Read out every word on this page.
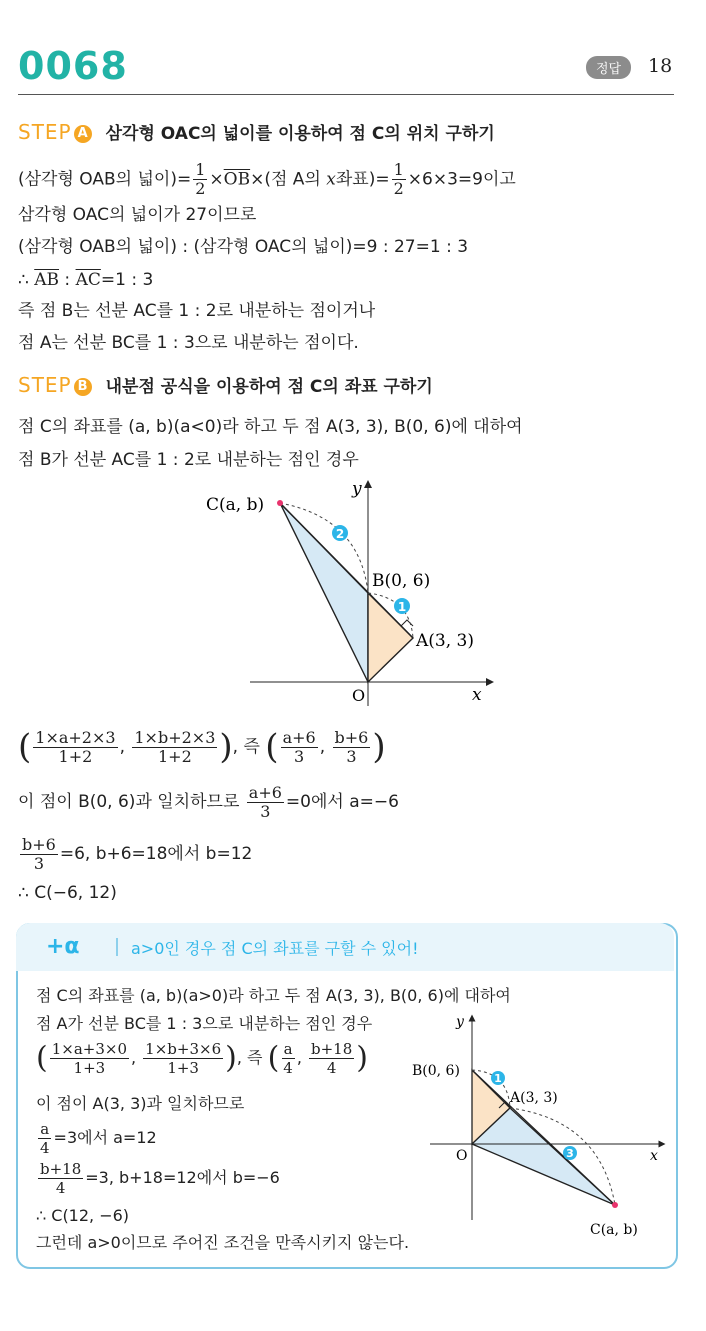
0068	정답	18
STEP A 삼각형 OAC의 넓이를 이용하여 점 C의 위치 구하기
(삼각형 OAB의 넓이)= $\frac{1}{2} \times\overline{OB}\times$(점 A의 x좌표)= $\frac{1}{2} \times 6\times 3=9$이고
삼각형 OAC의 넓이가 27이므로
(삼각형 OAB의 넓이) : (삼각형 OAC의 넓이)=9 : 27=1 : 3
∴ $\overline{AB}$ : $\overline{AC}=1$ : 3
즉 점 B는 선분 AC를 1 : 2로 내분하는 점이거나
점 A는 선분 BC를 1 : 3으로 내분하는 점이다.
STEP B 내분점 공식을 이용하여 점 C의 좌표 구하기
점 C의 좌표를 (a, b)(a<0)라 하고 두 점 A(3, 3), B(0, 6)에 대하여
점 B가 선분 AC를 1 : 2로 내분하는 점인 경우
2
1
C(a, b)
B(0, 6)
A(3, 3)
O	x
y
( $\frac{1\times a+2\times 3}{1+2}$ , $\frac{1\times b+2\times 3}{1+2}$ ), 즉 ( $\frac{a+6}{3}$ , $\frac{b+6}{3}$ )
이 점이 B(0, 6)과 일치하므로 $\frac{a+6}{3} =0$에서 a=−6
$\frac{b+6}{3} =6$, b+6=18에서 b=12
∴ C(−6, 12)
+α	a>0인 경우 점 C의 좌표를 구할 수 있어!
점 C의 좌표를 (a, b)(a>0)라 하고 두 점 A(3, 3), B(0, 6)에 대하여
점 A가 선분 BC를 1 : 3으로 내분하는 점인 경우
( $\frac{1\times a+3\times 0}{1+3}$ , $\frac{1\times b+3\times 6}{1+3}$ ), 즉 ( $\frac{a}{4}$ , $\frac{b+18}{4}$ )
이 점이 A(3, 3)과 일치하므로
$\frac{a}{4} =3$에서 a=12
$\frac{b+18}{4} =3$, b+18=12에서 b=−6
∴ C(12, −6)
그런데 a>0이므로 주어진 조건을 만족시키지 않는다.
1
3
B(0, 6)
A(3, 3)
O	x
y
C(a, b)
